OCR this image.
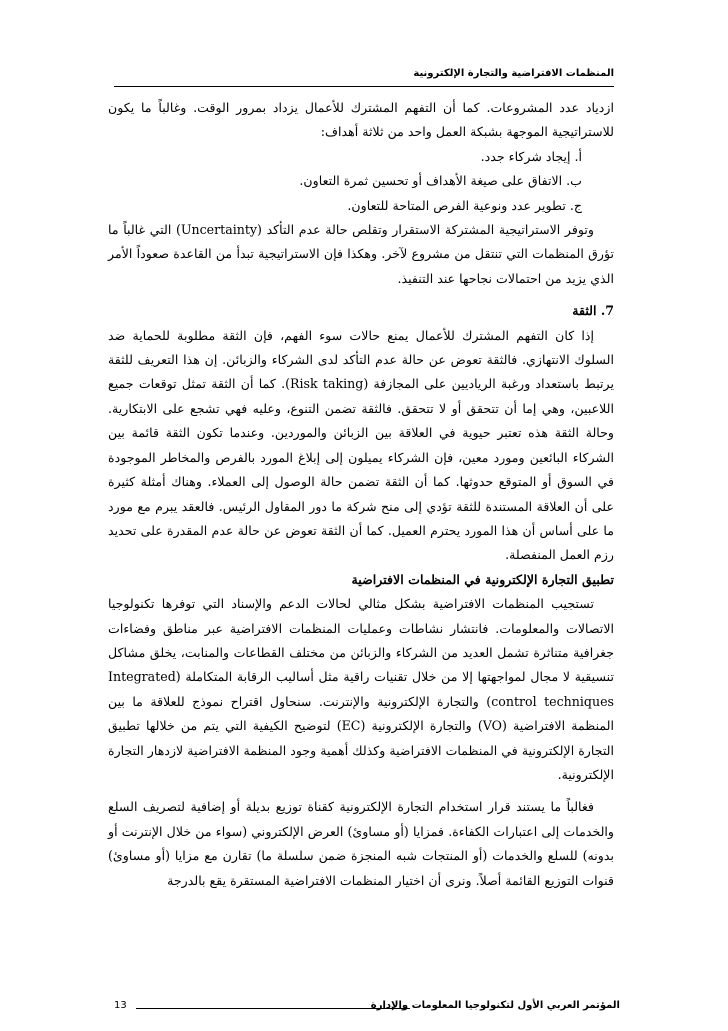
المنظمات الافتراضية والتجارة الإلكترونية

ازدياد عدد المشروعات. كما أن التفهم المشترك للأعمال يزداد بمرور الوقت. وغالباً ما يكون للاستراتيجية الموجهة بشبكة العمل واحد من ثلاثة أهداف:

أ. إيجاد شركاء جدد.

ب. الاتفاق على صيغة الأهداف أو تحسين ثمرة التعاون.

ج. تطوير عدد ونوعية الفرص المتاحة للتعاون.

وتوفر الاستراتيجية المشتركة الاستقرار وتقلص حالة عدم التأكد (Uncertainty) التي غالباً ما تؤرق المنظمات التي تنتقل من مشروع لآخر. وهكذا فإن الاستراتيجية تبدأ من القاعدة صعوداً الأمر الذي يزيد من احتمالات نجاحها عند التنفيذ.

7. الثقة

إذا كان التفهم المشترك للأعمال يمنع حالات سوء الفهم، فإن الثقة مطلوبة للحماية ضد السلوك الانتهازي. فالثقة تعوض عن حالة عدم التأكد لدى الشركاء والزبائن. إن هذا التعريف للثقة يرتبط باستعداد ورغبة الرياديين على المجازفة (Risk taking). كما أن الثقة تمثل توقعات جميع اللاعبين، وهي إما أن تتحقق أو لا تتحقق. فالثقة تضمن التنوع، وعليه فهي تشجع على الابتكارية. وحالة الثقة هذه تعتبر حيوية في العلاقة بين الزبائن والموردين. وعندما تكون الثقة قائمة بين الشركاء البائعين ومورد معين، فإن الشركاء يميلون إلى إبلاغ المورد بالفرص والمخاطر الموجودة في السوق أو المتوقع حدوثها. كما أن الثقة تضمن حالة الوصول إلى العملاء. وهناك أمثلة كثيرة على أن العلاقة المستندة للثقة تؤدي إلى منح شركة ما دور المقاول الرئيس. فالعقد يبرم مع مورد ما على أساس أن هذا المورد يحترم العميل. كما أن الثقة تعوض عن حالة عدم المقدرة على تحديد رزم العمل المنفصلة.

تطبيق التجارة الإلكترونية في المنظمات الافتراضية

تستجيب المنظمات الافتراضية بشكل مثالي لحالات الدعم والإسناد التي توفرها تكنولوجيا الاتصالات والمعلومات. فانتشار نشاطات وعمليات المنظمات الافتراضية عبر مناطق وفضاءات جغرافية متناثرة تشمل العديد من الشركاء والزبائن من مختلف القطاعات والمنابت، يخلق مشاكل تنسيقية لا مجال لمواجهتها إلا من خلال تقنيات راقية مثل أساليب الرقابة المتكاملة (Integrated control techniques) والتجارة الإلكترونية والإنترنت. سنحاول اقتراح نموذج للعلاقة ما بين المنظمة الافتراضية (VO) والتجارة الإلكترونية (EC) لتوضيح الكيفية التي يتم من خلالها تطبيق التجارة الإلكترونية في المنظمات الافتراضية وكذلك أهمية وجود المنظمة الافتراضية لازدهار التجارة الإلكترونية.

فغالباً ما يستند قرار استخدام التجارة الإلكترونية كقناة توزيع بديلة أو إضافية لتصريف السلع والخدمات إلى اعتبارات الكفاءة. فمزايا (أو مساوئ) العرض الإلكتروني (سواء من خلال الإنترنت أو بدونه) للسلع والخدمات (أو المنتجات شبه المنجزة ضمن سلسلة ما) تقارن مع مزايا (أو مساوئ) قنوات التوزيع القائمة أصلاً. ونرى أن اختيار المنظمات الافتراضية المستقرة يقع بالدرجة

13	المؤتمر العربي الأول لتكنولوجيا المعلومات والإدارة
